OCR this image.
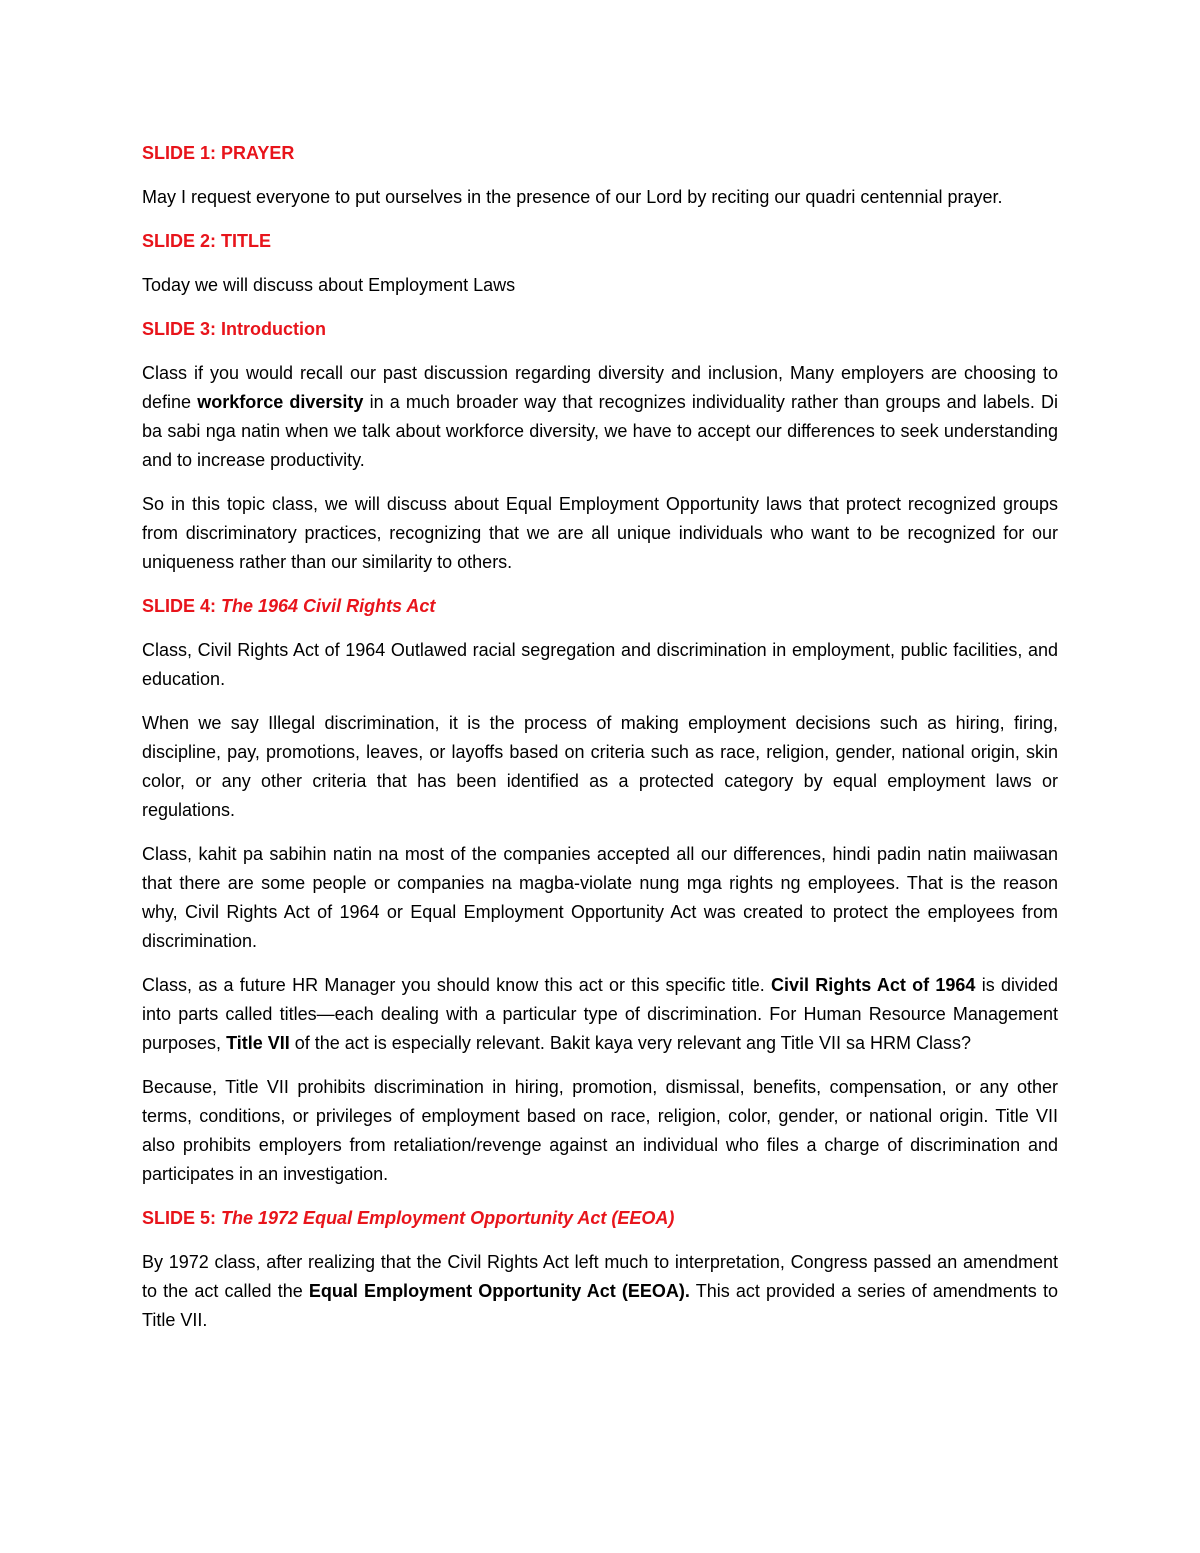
SLIDE 1: PRAYER

May I request everyone to put ourselves in the presence of our Lord by reciting our quadri centennial prayer.

SLIDE 2: TITLE

Today we will discuss about Employment Laws

SLIDE 3: Introduction

Class if you would recall our past discussion regarding diversity and inclusion, Many employers are choosing to define workforce diversity in a much broader way that recognizes individuality rather than groups and labels. Di ba sabi nga natin when we talk about workforce diversity, we have to accept our differences to seek understanding and to increase productivity.

So in this topic class, we will discuss about Equal Employment Opportunity laws that protect recognized groups from discriminatory practices, recognizing that we are all unique individuals who want to be recognized for our uniqueness rather than our similarity to others.

SLIDE 4: The 1964 Civil Rights Act

Class, Civil Rights Act of 1964 Outlawed racial segregation and discrimination in employment, public facilities, and education.

When we say Illegal discrimination, it is the process of making employment decisions such as hiring, firing, discipline, pay, promotions, leaves, or layoffs based on criteria such as race, religion, gender, national origin, skin color, or any other criteria that has been identified as a protected category by equal employment laws or regulations.

Class, kahit pa sabihin natin na most of the companies accepted all our differences, hindi padin natin maiiwasan that there are some people or companies na magba-violate nung mga rights ng employees. That is the reason why, Civil Rights Act of 1964 or Equal Employment Opportunity Act was created to protect the employees from discrimination.

Class, as a future HR Manager you should know this act or this specific title. Civil Rights Act of 1964 is divided into parts called titles—each dealing with a particular type of discrimination. For Human Resource Management purposes, Title VII of the act is especially relevant. Bakit kaya very relevant ang Title VII sa HRM Class?

Because, Title VII prohibits discrimination in hiring, promotion, dismissal, benefits, compensation, or any other terms, conditions, or privileges of employment based on race, religion, color, gender, or national origin. Title VII also prohibits employers from retaliation/revenge against an individual who files a charge of discrimination and participates in an investigation.

SLIDE 5: The 1972 Equal Employment Opportunity Act (EEOA)

By 1972 class, after realizing that the Civil Rights Act left much to interpretation, Congress passed an amendment to the act called the Equal Employment Opportunity Act (EEOA). This act provided a series of amendments to Title VII.
